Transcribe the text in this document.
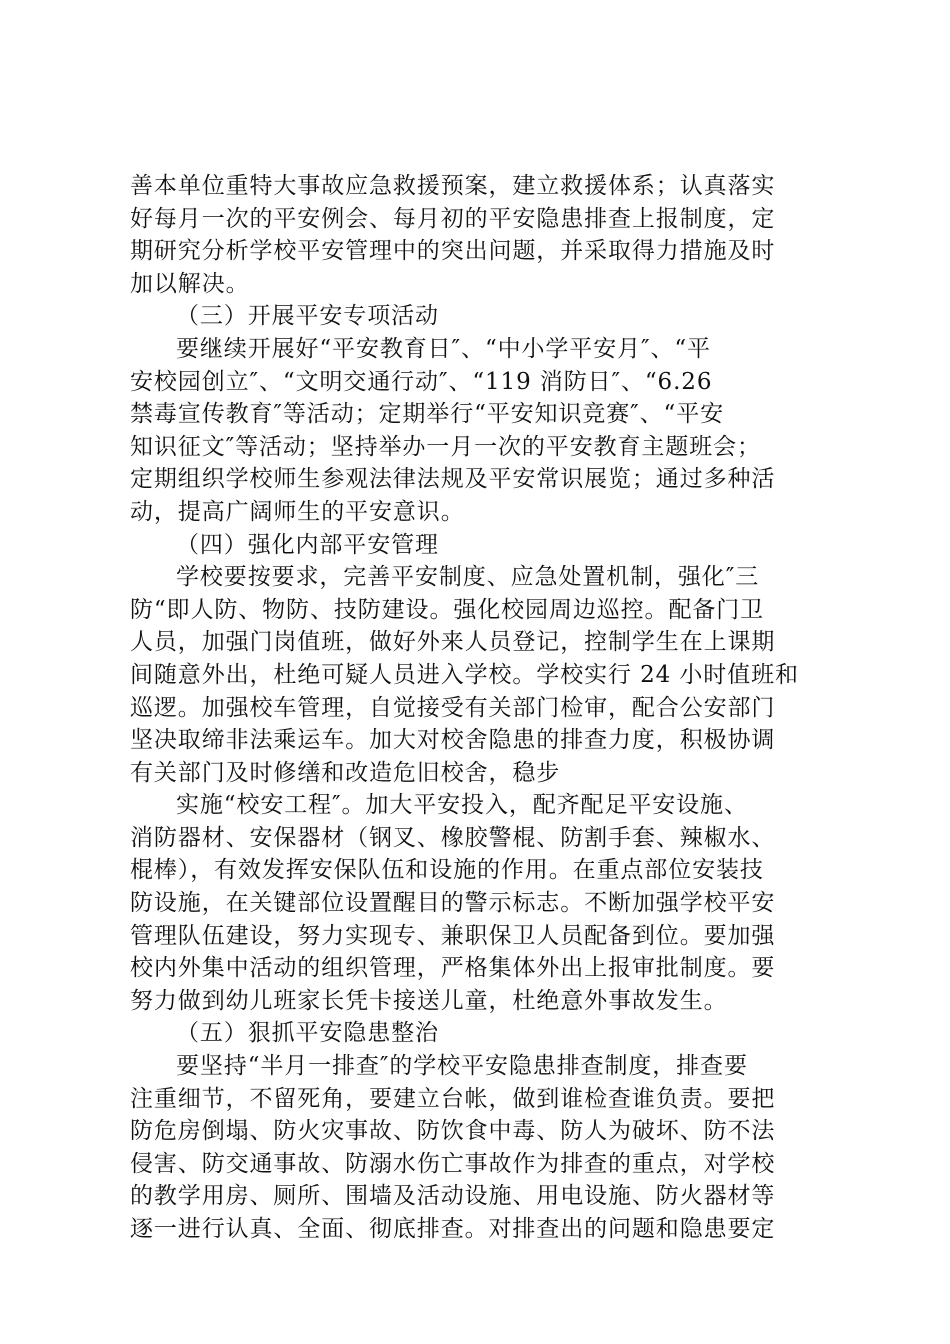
善本单位重特大事故应急救援预案，建立救援体系；认真落实
好每月一次的平安例会、每月初的平安隐患排查上报制度，定
期研究分析学校平安管理中的突出问题，并采取得力措施及时
加以解决。
（三）开展平安专项活动
要继续开展好“平安教育日″、“中小学平安月″、“平
安校园创立″、“文明交通行动″、“119 消防日″、“6.26
禁毒宣传教育″等活动；定期举行“平安知识竞赛″、“平安
知识征文″等活动；坚持举办一月一次的平安教育主题班会；
定期组织学校师生参观法律法规及平安常识展览；通过多种活
动，提高广阔师生的平安意识。
（四）强化内部平安管理
学校要按要求，完善平安制度、应急处置机制，强化″三
防“即人防、物防、技防建设。强化校园周边巡控。配备门卫
人员，加强门岗值班，做好外来人员登记，控制学生在上课期
间随意外出，杜绝可疑人员进入学校。学校实行 24 小时值班和
巡逻。加强校车管理，自觉接受有关部门检审，配合公安部门
坚决取缔非法乘运车。加大对校舍隐患的排查力度，积极协调
有关部门及时修缮和改造危旧校舍，稳步
实施“校安工程″。加大平安投入，配齐配足平安设施、
消防器材、安保器材（钢叉、橡胶警棍、防割手套、辣椒水、
棍棒），有效发挥安保队伍和设施的作用。在重点部位安装技
防设施，在关键部位设置醒目的警示标志。不断加强学校平安
管理队伍建设，努力实现专、兼职保卫人员配备到位。要加强
校内外集中活动的组织管理，严格集体外出上报审批制度。要
努力做到幼儿班家长凭卡接送儿童，杜绝意外事故发生。
（五）狠抓平安隐患整治
要坚持“半月一排查″的学校平安隐患排查制度，排查要
注重细节，不留死角，要建立台帐，做到谁检查谁负责。要把
防危房倒塌、防火灾事故、防饮食中毒、防人为破坏、防不法
侵害、防交通事故、防溺水伤亡事故作为排查的重点，对学校
的教学用房、厕所、围墙及活动设施、用电设施、防火器材等
逐一进行认真、全面、彻底排查。对排查出的问题和隐患要定
